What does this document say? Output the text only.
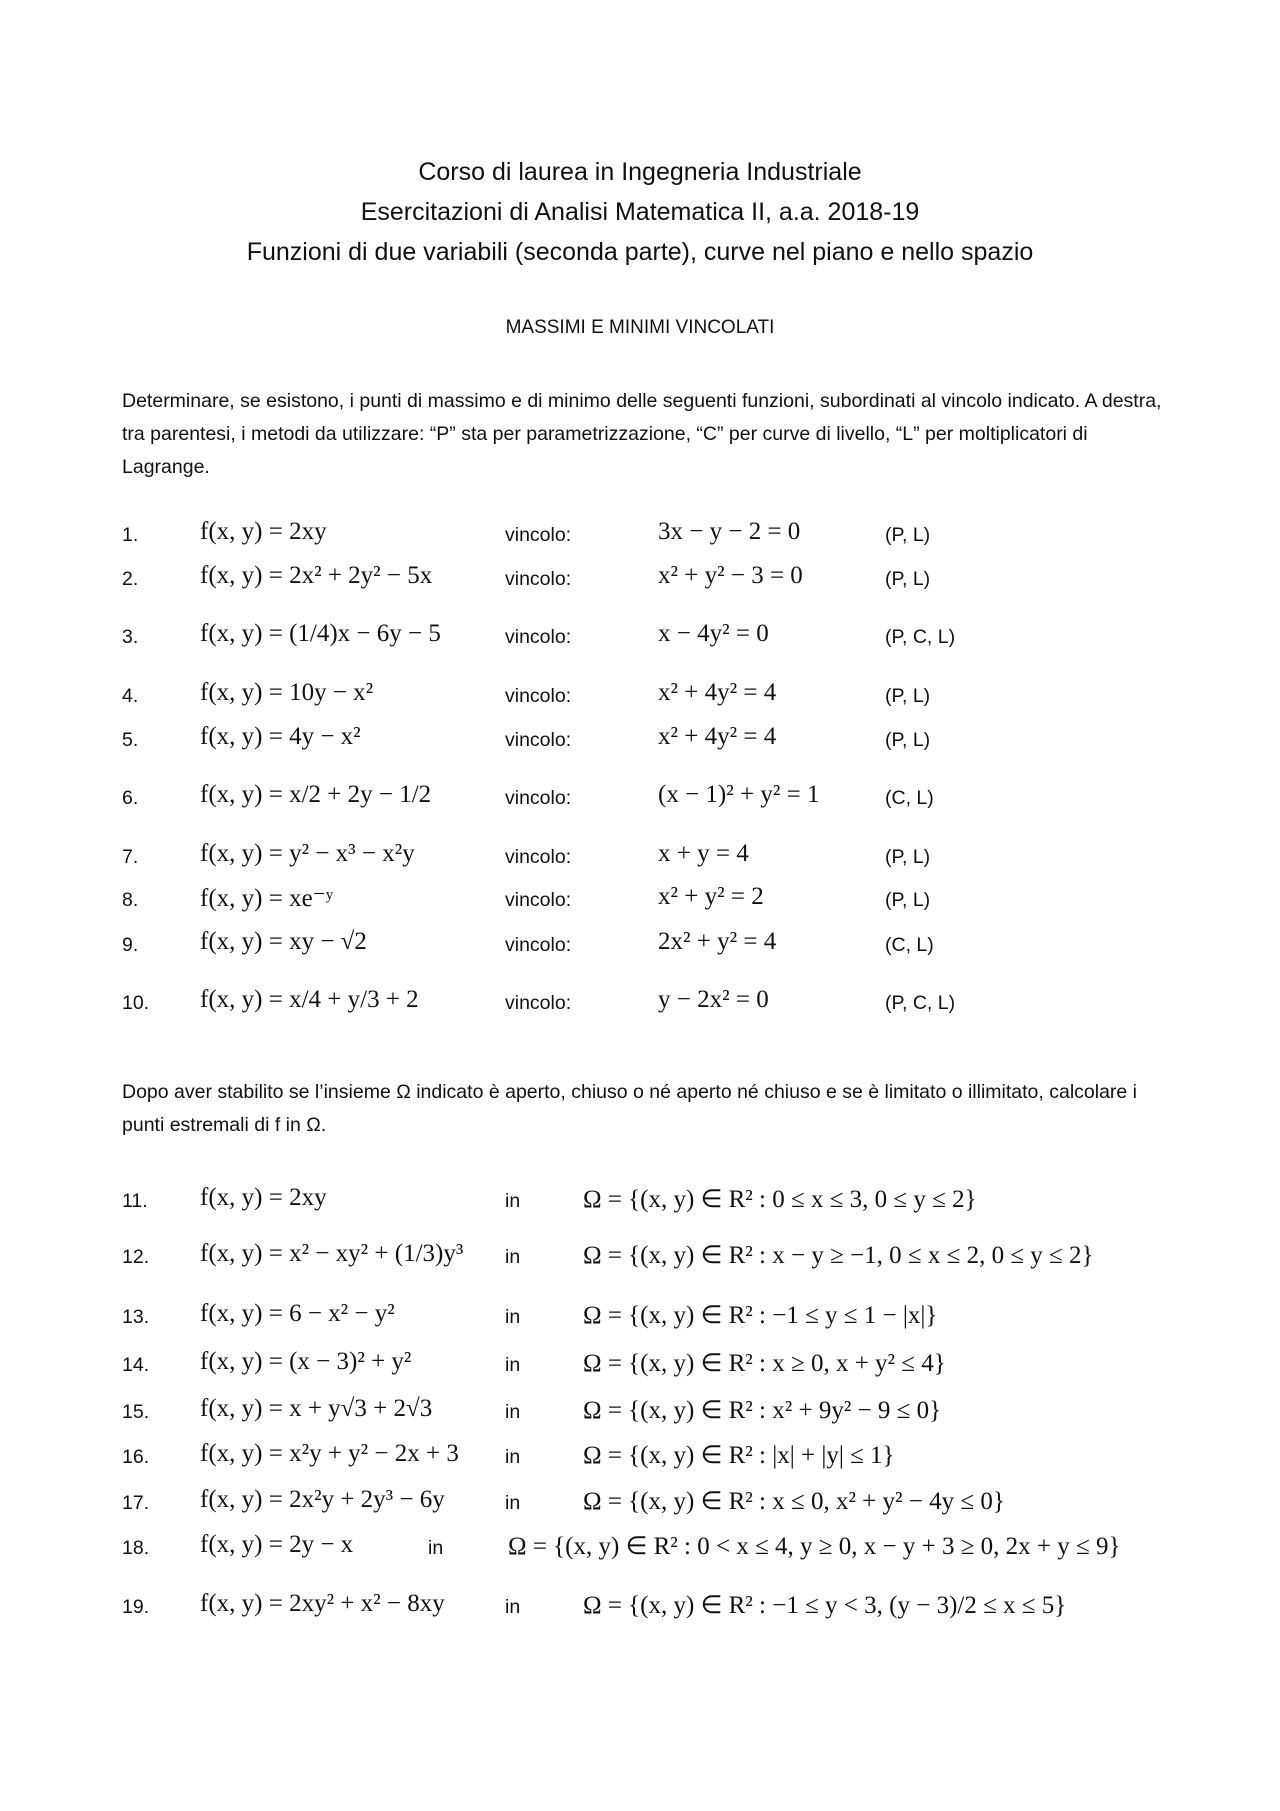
Corso di laurea in Ingegneria Industriale
Esercitazioni di Analisi Matematica II, a.a. 2018-19
Funzioni di due variabili (seconda parte), curve nel piano e nello spazio
MASSIMI E MINIMI VINCOLATI
Determinare, se esistono, i punti di massimo e di minimo delle seguenti funzioni, subordinati al vincolo indicato. A destra, tra parentesi, i metodi da utilizzare: “P” sta per parametrizzazione, “C” per curve di livello, “L” per moltiplicatori di Lagrange.
1. f(x, y) = 2xy	vincolo:	3x − y − 2 = 0	(P, L)
2. f(x, y) = 2x² + 2y² − 5x	vincolo:	x² + y² − 3 = 0	(P, L)
3. f(x, y) = (1/4)x − 6y − 5	vincolo:	x − 4y² = 0	(P, C, L)
4. f(x, y) = 10y − x²	vincolo:	x² + 4y² = 4	(P, L)
5. f(x, y) = 4y − x²	vincolo:	x² + 4y² = 4	(P, L)
6. f(x, y) = x/2 + 2y − 1/2	vincolo:	(x − 1)² + y² = 1	(C, L)
7. f(x, y) = y² − x³ − x²y	vincolo:	x + y = 4	(P, L)
8. f(x, y) = xe⁻ʸ	vincolo:	x² + y² = 2	(P, L)
9. f(x, y) = xy − √2	vincolo:	2x² + y² = 4	(C, L)
10. f(x, y) = x/4 + y/3 + 2	vincolo:	y − 2x² = 0	(P, C, L)
Dopo aver stabilito se l’insieme Ω indicato è aperto, chiuso o né aperto né chiuso e se è limitato o illimitato, calcolare i punti estremali di f in Ω.
11. f(x, y) = 2xy	in	Ω = {(x, y) ∈ R² : 0 ≤ x ≤ 3, 0 ≤ y ≤ 2}
12. f(x, y) = x² − xy² + (1/3)y³ in	Ω = {(x, y) ∈ R² : x − y ≥ −1, 0 ≤ x ≤ 2, 0 ≤ y ≤ 2}
13. f(x, y) = 6 − x² − y²	in	Ω = {(x, y) ∈ R² : −1 ≤ y ≤ 1 − |x|}
14. f(x, y) = (x − 3)² + y²	in	Ω = {(x, y) ∈ R² : x ≥ 0, x + y² ≤ 4}
15. f(x, y) = x + y√3 + 2√3	in	Ω = {(x, y) ∈ R² : x² + 9y² − 9 ≤ 0}
16. f(x, y) = x²y + y² − 2x + 3 in	Ω = {(x, y) ∈ R² : |x| + |y| ≤ 1}
17. f(x, y) = 2x²y + 2y³ − 6y	in	Ω = {(x, y) ∈ R² : x ≤ 0, x² + y² − 4y ≤ 0}
18. f(x, y) = 2y − x	in	Ω = {(x, y) ∈ R² : 0 < x ≤ 4, y ≥ 0, x − y + 3 ≥ 0, 2x + y ≤ 9}
19. f(x, y) = 2xy² + x² − 8xy	in	Ω = {(x, y) ∈ R² : −1 ≤ y < 3, (y − 3)/2 ≤ x ≤ 5}
